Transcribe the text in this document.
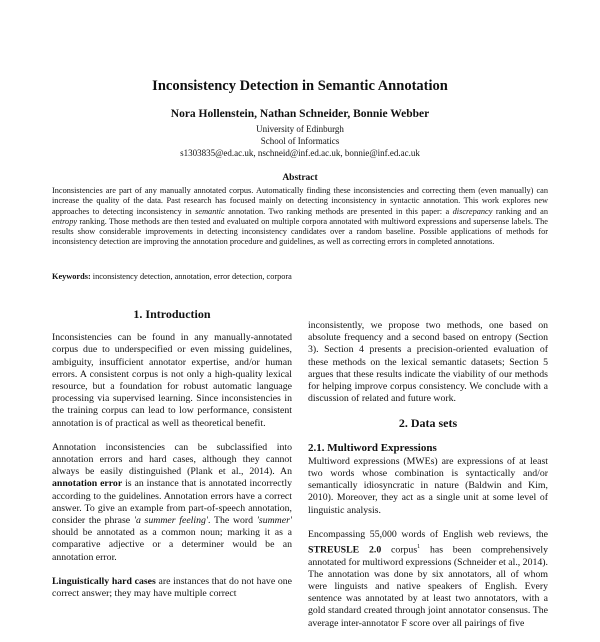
Inconsistency Detection in Semantic Annotation
Nora Hollenstein, Nathan Schneider, Bonnie Webber
University of Edinburgh
School of Informatics
s1303835@ed.ac.uk, nschneid@inf.ed.ac.uk, bonnie@inf.ed.ac.uk
Abstract

Inconsistencies are part of any manually annotated corpus. Automatically finding these inconsistencies and correcting them (even manually) can increase the quality of the data. Past research has focused mainly on detecting inconsistency in syntactic annotation. This work explores new approaches to detecting inconsistency in semantic annotation. Two ranking methods are presented in this paper: a discrepancy ranking and an entropy ranking. Those methods are then tested and evaluated on multiple corpora annotated with multiword expressions and supersense labels. The results show considerable improvements in detecting inconsistency candidates over a random baseline. Possible applications of methods for inconsistency detection are improving the annotation procedure and guidelines, as well as correcting errors in completed annotations.

Keywords: inconsistency detection, annotation, error detection, corpora

1. Introduction

Inconsistencies can be found in any manually-annotated corpus due to underspecified or even missing guidelines, ambiguity, insufficient annotator expertise, and/or human errors. A consistent corpus is not only a high-quality lexical resource, but a foundation for robust automatic language processing via supervised learning. Since inconsistencies in the training corpus can lead to low performance, consistent annotation is of practical as well as theoretical benefit.

Annotation inconsistencies can be subclassified into annotation errors and hard cases, although they cannot always be easily distinguished (Plank et al., 2014). An annotation error is an instance that is annotated incorrectly according to the guidelines. Annotation errors have a correct answer. To give an example from part-of-speech annotation, consider the phrase 'a summer feeling'. The word 'summer' should be annotated as a common noun; marking it as a comparative adjective or a determiner would be an annotation error.

Linguistically hard cases are instances that do not have one correct answer; they may have multiple correct

inconsistently, we propose two methods, one based on absolute frequency and a second based on entropy (Section 3). Section 4 presents a precision-oriented evaluation of these methods on the lexical semantic datasets; Section 5 argues that these results indicate the viability of our methods for helping improve corpus consistency. We conclude with a discussion of related and future work.

2. Data sets
2.1. Multiword Expressions

Multiword expressions (MWEs) are expressions of at least two words whose combination is syntactically and/or semantically idiosyncratic in nature (Baldwin and Kim, 2010). Moreover, they act as a single unit at some level of linguistic analysis.

Encompassing 55,000 words of English web reviews, the STREUSLE 2.0 corpus$^1$ has been comprehensively annotated for multiword expressions (Schneider et al., 2014). The annotation was done by six annotators, all of whom were linguists and native speakers of English. Every sentence was annotated by at least two annotators, with a gold standard created through joint annotator consensus. The average inter-annotator F score over all pairings of five
